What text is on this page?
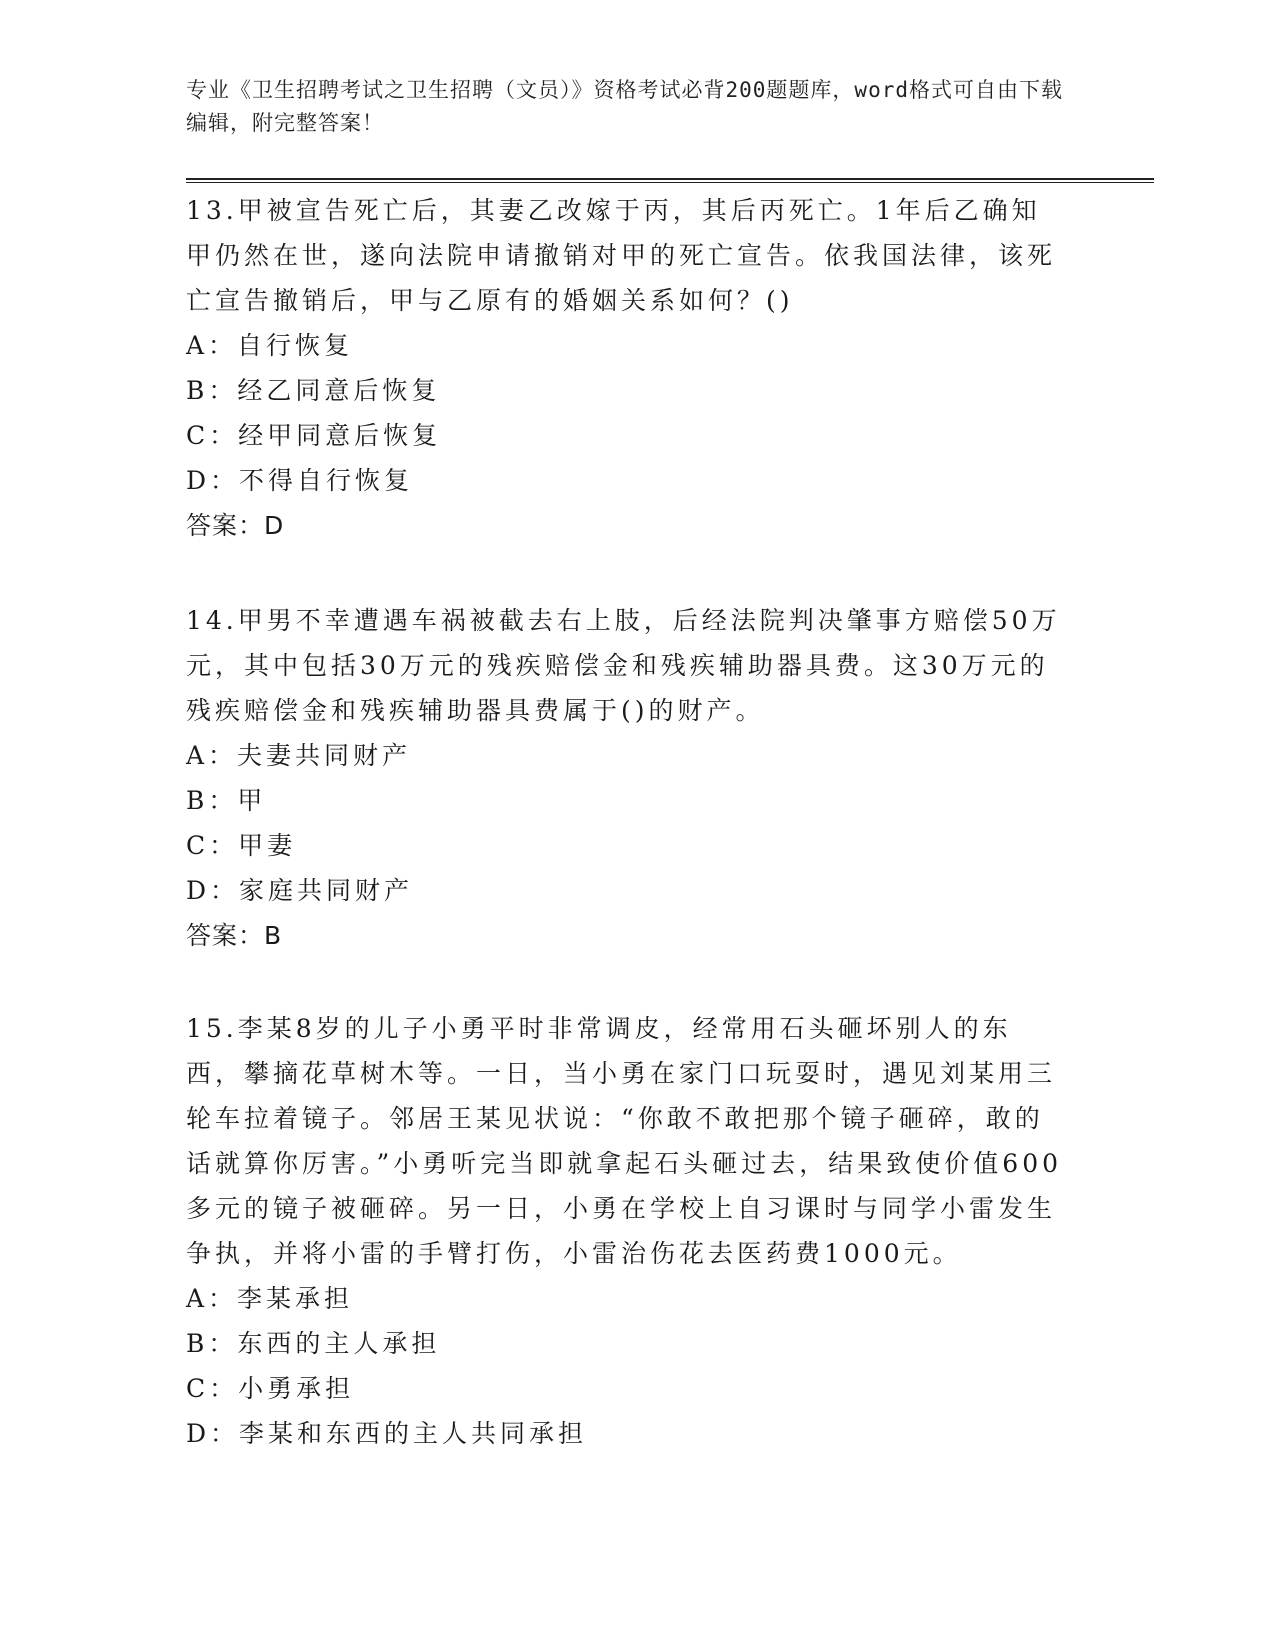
专业《卫生招聘考试之卫生招聘（文员）》资格考试必背200题题库，word格式可自由下载编辑，附完整答案！

13.甲被宣告死亡后，其妻乙改嫁于丙，其后丙死亡。1年后乙确知甲仍然在世，遂向法院申请撤销对甲的死亡宣告。依我国法律，该死亡宣告撤销后，甲与乙原有的婚姻关系如何？()

A：自行恢复

B：经乙同意后恢复

C：经甲同意后恢复

D：不得自行恢复

答案：D

14.甲男不幸遭遇车祸被截去右上肢，后经法院判决肇事方赔偿50万元，其中包括30万元的残疾赔偿金和残疾辅助器具费。这30万元的残疾赔偿金和残疾辅助器具费属于()的财产。

A：夫妻共同财产

B：甲

C：甲妻

D：家庭共同财产

答案：B

15.李某8岁的儿子小勇平时非常调皮，经常用石头砸坏别人的东西，攀摘花草树木等。一日，当小勇在家门口玩耍时，遇见刘某用三轮车拉着镜子。邻居王某见状说：“你敢不敢把那个镜子砸碎，敢的话就算你厉害。”小勇听完当即就拿起石头砸过去，结果致使价值600多元的镜子被砸碎。另一日，小勇在学校上自习课时与同学小雷发生争执，并将小雷的手臂打伤，小雷治伤花去医药费1000元。

A：李某承担

B：东西的主人承担

C：小勇承担

D：李某和东西的主人共同承担
